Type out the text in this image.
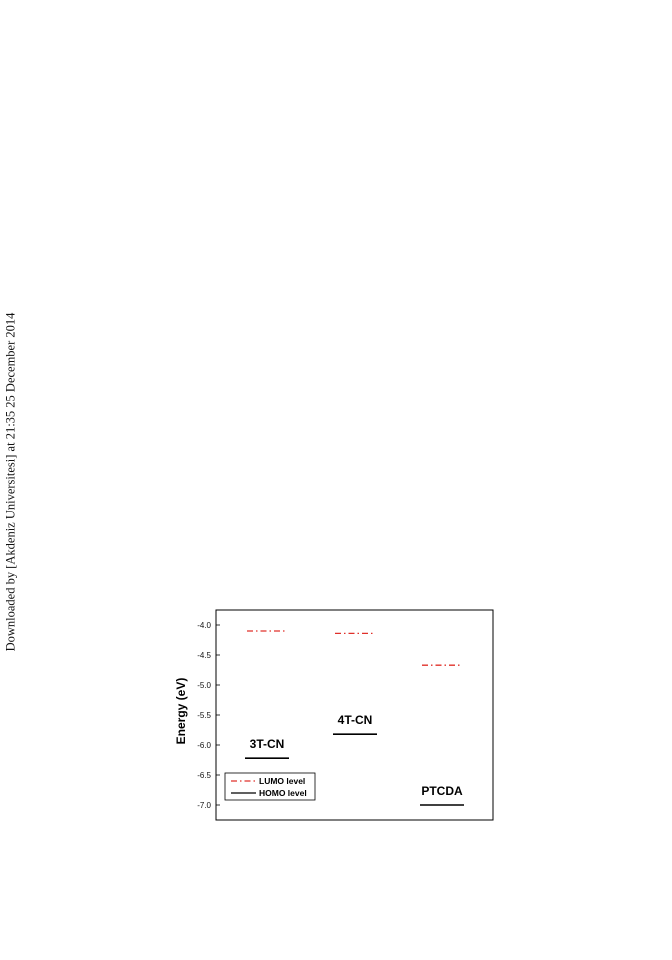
Downloaded by [Akdeniz Universitesi] at 21:35 25 December 2014	-4.0
-4.5
-5.0
-5.5
-6.0
-6.5
-7.0
Energy (eV)	3T-CN
4T-CN
PTCDA
LUMO level
HOMO level
